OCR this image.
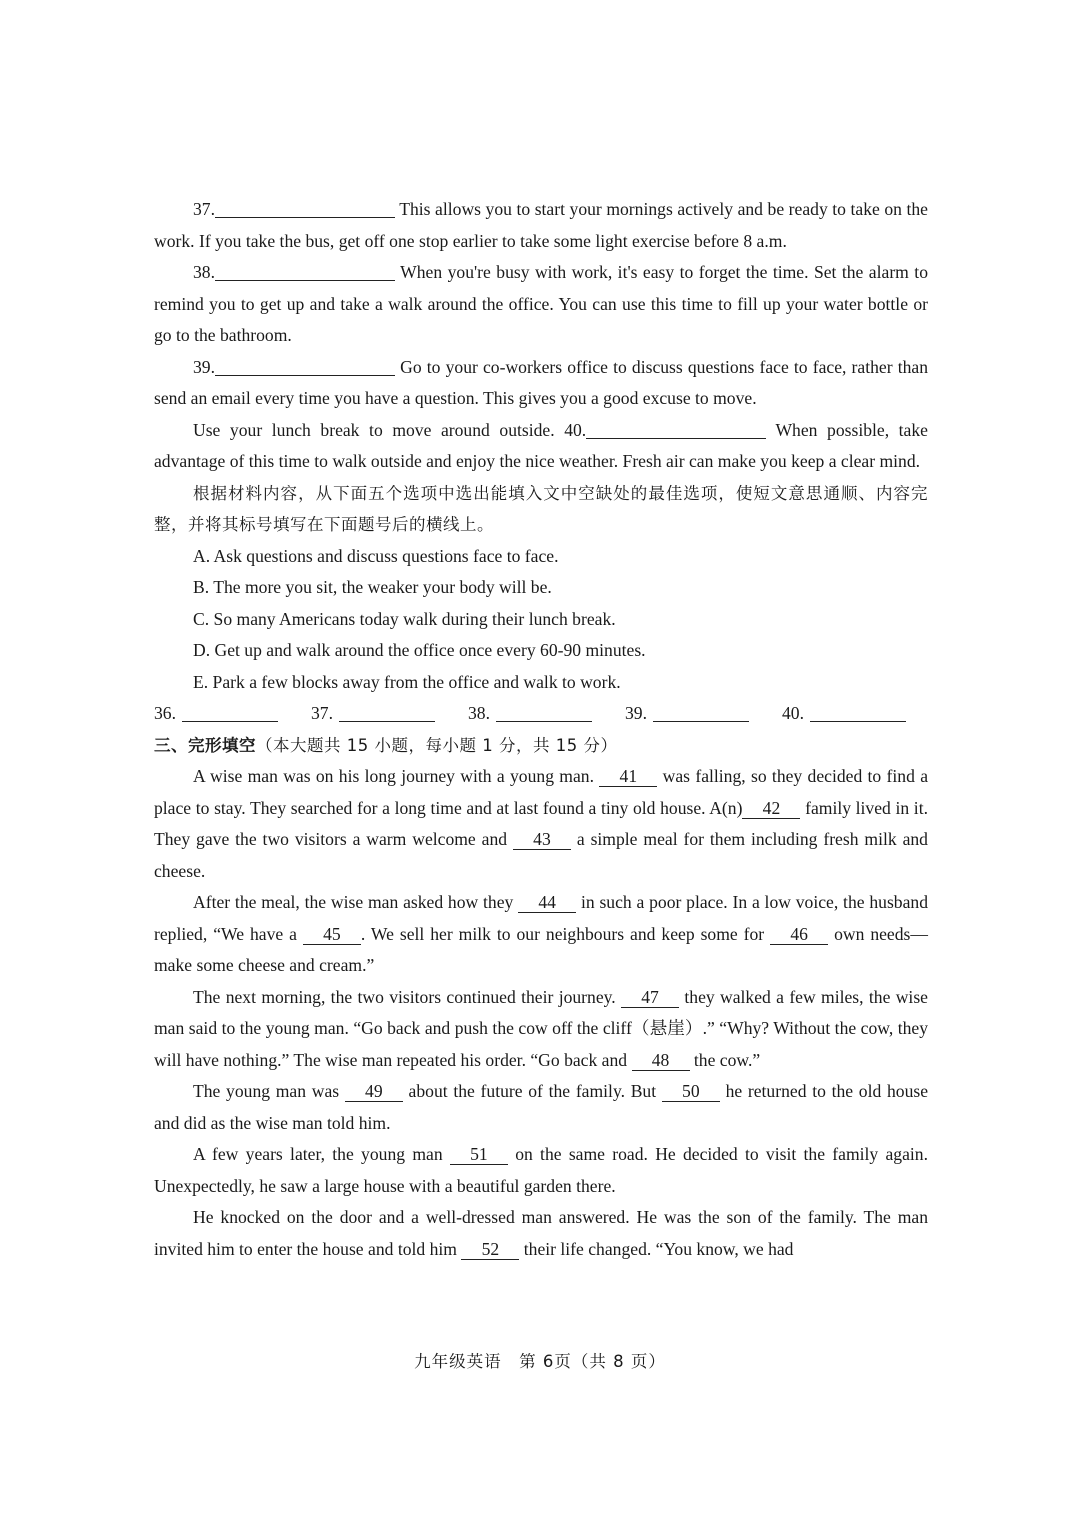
37.	This allows you to start your mornings actively and be ready to take on the work. If you take the bus, get off one stop earlier to take some light exercise before 8 a.m.

38.	When you're busy with work, it's easy to forget the time. Set the alarm to remind you to get up and take a walk around the office. You can use this time to fill up your water bottle or go to the bathroom.

39.	Go to your co-workers office to discuss questions face to face, rather than send an email every time you have a question. This gives you a good excuse to move.

Use your lunch break to move around outside. 40.	When possible, take advantage of this time to walk outside and enjoy the nice weather. Fresh air can make you keep a clear mind.

根据材料内容，从下面五个选项中选出能填入文中空缺处的最佳选项，使短文意思通顺、内容完整，并将其标号填写在下面题号后的横线上。

A. Ask questions and discuss questions face to face.

B. The more you sit, the weaker your body will be.

C. So many Americans today walk during their lunch break.

D. Get up and walk around the office once every 60-90 minutes.

E. Park a few blocks away from the office and walk to work.

36.	37.	38.	39.	40.

三、完形填空（本大题共 15 小题，每小题 1 分，共 15 分）

A wise man was on his long journey with a young man. 41 was falling, so they decided to find a place to stay. They searched for a long time and at last found a tiny old house. A(n) 42 family lived in it. They gave the two visitors a warm welcome and 43 a simple meal for them including fresh milk and cheese.

After the meal, the wise man asked how they 44 in such a poor place. In a low voice, the husband replied, “We have a 45 . We sell her milk to our neighbours and keep some for 46 own needs—make some cheese and cream.”

The next morning, the two visitors continued their journey. 47 they walked a few miles, the wise man said to the young man. “Go back and push the cow off the cliff（悬崖）.” “Why? Without the cow, they will have nothing.” The wise man repeated his order. “Go back and 48 the cow.”

The young man was 49 about the future of the family. But 50 he returned to the old house and did as the wise man told him.

A few years later, the young man 51 on the same road. He decided to visit the family again. Unexpectedly, he saw a large house with a beautiful garden there.

He knocked on the door and a well-dressed man answered. He was the son of the family. The man invited him to enter the house and told him 52 their life changed. “You know, we had

九年级英语　第 6页（共 8 页）
